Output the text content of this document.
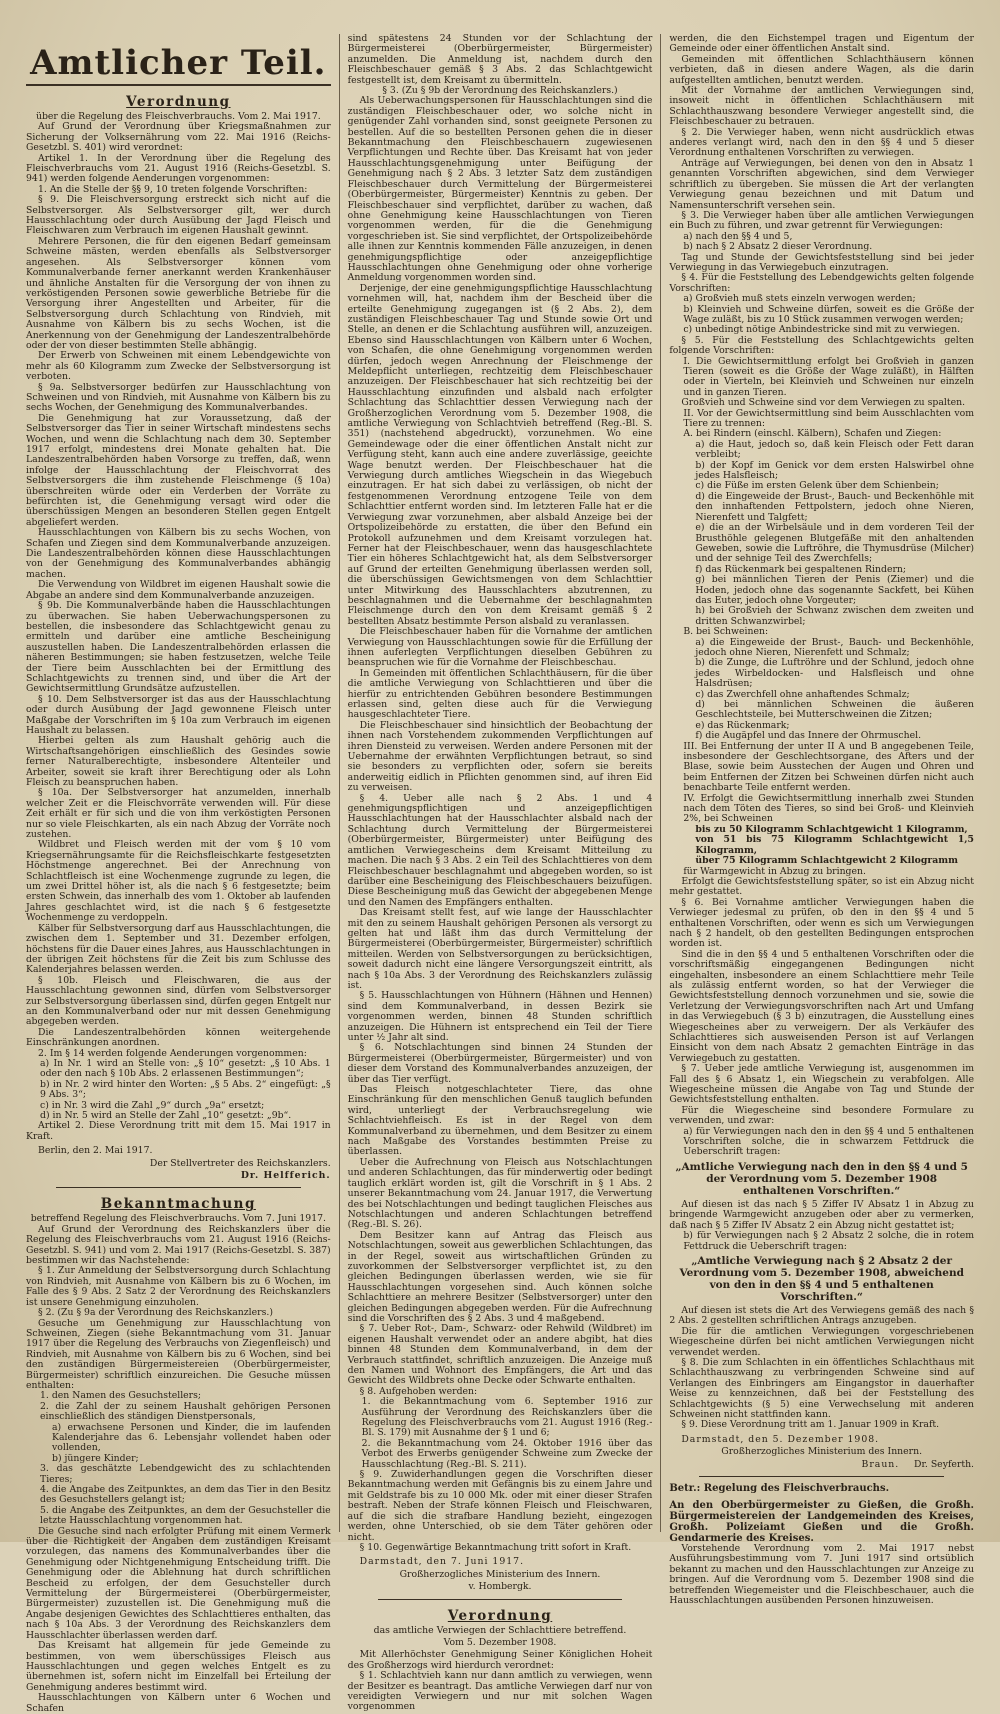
Amtlicher Teil.
Verordnung

über die Regelung des Fleischverbrauchs. Vom 2. Mai 1917.

Auf Grund der Verordnung über Kriegsmaßnahmen zur Sicherung der Volksernährung vom 22. Mai 1916 (Reichs-Gesetzbl. S. 401) wird verordnet:

Artikel 1. In der Verordnung über die Regelung des Fleischverbrauchs vom 21. August 1916 (Reichs-Gesetzbl. S. 941) werden folgende Aenderungen vorgenommen:

1. An die Stelle der §§ 9, 10 treten folgende Vorschriften:

§ 9. Die Fleischversorgung erstreckt sich nicht auf die Selbstversorger. Als Selbstversorger gilt, wer durch Hausschlachtung oder durch Ausübung der Jagd Fleisch und Fleischwaren zum Verbrauch im eigenen Haushalt gewinnt.

Mehrere Personen, die für den eigenen Bedarf gemeinsam Schweine mästen, werden ebenfalls als Selbstversorger angesehen. Als Selbstversorger können vom Kommunalverbande ferner anerkannt werden Krankenhäuser und ähnliche Anstalten für die Versorgung der von ihnen zu verköstigenden Personen sowie gewerbliche Betriebe für die Versorgung ihrer Angestellten und Arbeiter, für die Selbstversorgung durch Schlachtung von Rindvieh, mit Ausnahme von Kälbern bis zu sechs Wochen, ist die Anerkennung von der Genehmigung der Landeszentralbehörde oder der von dieser bestimmten Stelle abhängig.

Der Erwerb von Schweinen mit einem Lebendgewichte von mehr als 60 Kilogramm zum Zwecke der Selbstversorgung ist verboten.

§ 9a. Selbstversorger bedürfen zur Hausschlachtung von Schweinen und von Rindvieh, mit Ausnahme von Kälbern bis zu sechs Wochen, der Genehmigung des Kommunalverbandes.

Die Genehmigung hat zur Voraussetzung, daß der Selbstversorger das Tier in seiner Wirtschaft mindestens sechs Wochen, und wenn die Schlachtung nach dem 30. September 1917 erfolgt, mindestens drei Monate gehalten hat. Die Landeszentralbehörden haben Vorsorge zu treffen, daß, wenn infolge der Hausschlachtung der Fleischvorrat des Selbstversorgers die ihm zustehende Fleischmenge (§ 10a) überschreiten würde oder ein Verderben der Vorräte zu befürchten ist, die Genehmigung versagt wird oder die überschüssigen Mengen an besonderen Stellen gegen Entgelt abgeliefert werden.

Hausschlachtungen von Kälbern bis zu sechs Wochen, von Schafen und Ziegen sind dem Kommunalverbande anzuzeigen. Die Landeszentralbehörden können diese Hausschlachtungen von der Genehmigung des Kommunalverbandes abhängig machen.

Die Verwendung von Wildbret im eigenen Haushalt sowie die Abgabe an andere sind dem Kommunalverbande anzuzeigen.

§ 9b. Die Kommunalverbände haben die Hausschlachtungen zu überwachen. Sie haben Ueberwachungspersonen zu bestellen, die insbesondere das Schlachtgewicht genau zu ermitteln und darüber eine amtliche Bescheinigung auszustellen haben. Die Landeszentralbehörden erlassen die näheren Bestimmungen; sie haben festzusetzen, welche Teile der Tiere beim Ausschlachten bei der Ermittlung des Schlachtgewichts zu trennen sind, und über die Art der Gewichtsermittlung Grundsätze aufzustellen.

§ 10. Dem Selbstversorger ist das aus der Hausschlachtung oder durch Ausübung der Jagd gewonnene Fleisch unter Maßgabe der Vorschriften im § 10a zum Verbrauch im eigenen Haushalt zu belassen.

Hierbei gelten als zum Haushalt gehörig auch die Wirtschaftsangehörigen einschließlich des Gesindes sowie ferner Naturalberechtigte, insbesondere Altenteiler und Arbeiter, soweit sie kraft ihrer Berechtigung oder als Lohn Fleisch zu beanspruchen haben.

§ 10a. Der Selbstversorger hat anzumelden, innerhalb welcher Zeit er die Fleischvorräte verwenden will. Für diese Zeit erhält er für sich und die von ihm verköstigten Personen nur so viele Fleischkarten, als ein nach Abzug der Vorräte noch zustehen.

Wildbret und Fleisch werden mit der vom § 10 vom Kriegsernährungsamte für die Reichsfleischkarte festgesetzten Höchstmenge angerechnet. Bei der Anrechnung von Schlachtfleisch ist eine Wochenmenge zugrunde zu legen, die um zwei Drittel höher ist, als die nach § 6 festgesetzte; beim ersten Schwein, das innerhalb des vom 1. Oktober ab laufenden Jahres geschlachtet wird, ist die nach § 6 festgesetzte Wochenmenge zu verdoppeln.

Kälber für Selbstversorgung darf aus Hausschlachtungen, die zwischen dem 1. September und 31. Dezember erfolgen, höchstens für die Dauer eines Jahres, aus Hausschlachtungen in der übrigen Zeit höchstens für die Zeit bis zum Schlusse des Kalenderjahres belassen werden.

§ 10b. Fleisch und Fleischwaren, die aus der Hausschlachtung gewonnen sind, dürfen vom Selbstversorger zur Selbstversorgung überlassen sind, dürfen gegen Entgelt nur an den Kommunalverband oder nur mit dessen Genehmigung abgegeben werden.

Die Landeszentralbehörden können weitergehende Einschränkungen anordnen.

2. Im § 14 werden folgende Aenderungen vorgenommen:

a) In Nr. 1 wird an Stelle von: „§ 10“ gesetzt: „§ 10 Abs. 1 oder den nach § 10b Abs. 2 erlassenen Bestimmungen“;

b) in Nr. 2 wird hinter den Worten: „§ 5 Abs. 2“ eingefügt: „§ 9 Abs. 3“;

c) in Nr. 3 wird die Zahl „9“ durch „9a“ ersetzt;

d) in Nr. 5 wird an Stelle der Zahl „10“ gesetzt: „9b“.

Artikel 2. Diese Verordnung tritt mit dem 15. Mai 1917 in Kraft.

Berlin, den 2. Mai 1917.

Der Stellvertreter des Reichskanzlers.
Dr. Helfferich.
Bekanntmachung

betreffend Regelung des Fleischverbrauchs. Vom 7. Juni 1917.

Auf Grund der Verordnung des Reichskanzlers über die Regelung des Fleischverbrauchs vom 21. August 1916 (Reichs-Gesetzbl. S. 941) und vom 2. Mai 1917 (Reichs-Gesetzbl. S. 387) bestimmen wir das Nachstehende:

§ 1. Zur Anmeldung der Selbstversorgung durch Schlachtung von Rindvieh, mit Ausnahme von Kälbern bis zu 6 Wochen, im Falle des § 9 Abs. 2 Satz 2 der Verordnung des Reichskanzlers ist unsere Genehmigung einzuholen.

§ 2. (Zu § 9a der Verordnung des Reichskanzlers.)

Gesuche um Genehmigung zur Hausschlachtung von Schweinen, Ziegen (siehe Bekanntmachung vom 31. Januar 1917 über die Regelung des Verbrauchs von Ziegenfleisch) und Rindvieh, mit Ausnahme von Kälbern bis zu 6 Wochen, sind bei den zuständigen Bürgermeistereien (Oberbürgermeister, Bürgermeister) schriftlich einzureichen. Die Gesuche müssen enthalten:

1. den Namen des Gesuchstellers;

2. die Zahl der zu seinem Haushalt gehörigen Personen einschließlich des ständigen Dienstpersonals,

a) erwachsene Personen und Kinder, die im laufenden Kalenderjahre das 6. Lebensjahr vollendet haben oder vollenden,

b) jüngere Kinder;

3. das geschätzte Lebendgewicht des zu schlachtenden Tieres;

4. die Angabe des Zeitpunktes, an dem das Tier in den Besitz des Gesuchstellers gelangt ist;

5. die Angabe des Zeitpunktes, an dem der Gesuchsteller die letzte Hausschlachtung vorgenommen hat.

Die Gesuche sind nach erfolgter Prüfung mit einem Vermerk über die Richtigkeit der Angaben dem zuständigen Kreisamt vorzulegen, das namens des Kommunalverbandes über die Genehmigung oder Nichtgenehmigung Entscheidung trifft. Die Genehmigung oder die Ablehnung hat durch schriftlichen Bescheid zu erfolgen, der dem Gesuchsteller durch Vermittelung der Bürgermeisterei (Oberbürgermeister, Bürgermeister) zuzustellen ist. Die Genehmigung muß die Angabe desjenigen Gewichtes des Schlachttieres enthalten, das nach § 10a Abs. 3 der Verordnung des Reichskanzlers dem Hausschlachter überlassen werden darf.

Das Kreisamt hat allgemein für jede Gemeinde zu bestimmen, von wem überschüssiges Fleisch aus Hausschlachtungen und gegen welches Entgelt es zu übernehmen ist, sofern nicht im Einzelfall bei Erteilung der Genehmigung anderes bestimmt wird.

Hausschlachtungen von Kälbern unter 6 Wochen und Schafen

sind spätestens 24 Stunden vor der Schlachtung der Bürgermeisterei (Oberbürgermeister, Bürgermeister) anzumelden. Die Anmeldung ist, nachdem durch den Fleischbeschauer gemäß § 3 Abs. 2 das Schlachtgewicht festgestellt ist, dem Kreisamt zu übermitteln.

§ 3. (Zu § 9b der Verordnung des Reichskanzlers.)

Als Ueberwachungspersonen für Hausschlachtungen sind die zuständigen Fleischbeschauer oder, wo solche nicht in genügender Zahl vorhanden sind, sonst geeignete Personen zu bestellen. Auf die so bestellten Personen gehen die in dieser Bekanntmachung den Fleischbeschauern zugewiesenen Verpflichtungen und Rechte über. Das Kreisamt hat von jeder Hausschlachtungsgenehmigung unter Beifügung der Genehmigung nach § 2 Abs. 3 letzter Satz dem zuständigen Fleischbeschauer durch Vermittelung der Bürgermeisterei (Oberbürgermeister, Bürgermeister) Kenntnis zu geben. Der Fleischbeschauer sind verpflichtet, darüber zu wachen, daß ohne Genehmigung keine Hausschlachtungen von Tieren vorgenommen werden, für die die Genehmigung vorgeschrieben ist. Sie sind verpflichtet, der Ortspolizeibehörde alle ihnen zur Kenntnis kommenden Fälle anzuzeigen, in denen genehmigungspflichtige oder anzeigepflichtige Hausschlachtungen ohne Genehmigung oder ohne vorherige Anmeldung vorgenommen worden sind.

Derjenige, der eine genehmigungspflichtige Hausschlachtung vornehmen will, hat, nachdem ihm der Bescheid über die erteilte Genehmigung zugegangen ist (§ 2 Abs. 2), dem zuständigen Fleischbeschauer Tag und Stunde sowie Ort und Stelle, an denen er die Schlachtung ausführen will, anzuzeigen. Ebenso sind Hausschlachtungen von Kälbern unter 6 Wochen, von Schafen, die ohne Genehmigung vorgenommen werden dürfen, jedoch wegen Anrechnung der Fleischmenge der Meldepflicht unterliegen, rechtzeitig dem Fleischbeschauer anzuzeigen. Der Fleischbeschauer hat sich rechtzeitig bei der Hausschlachtung einzufinden und alsbald nach erfolgter Schlachtung das Schlachttier dessen Verwiegung nach der Großherzoglichen Verordnung vom 5. Dezember 1908, die amtliche Verwiegung von Schlachtvieh betreffend (Reg.-Bl. S. 351) (nachstehend abgedruckt), vorzunehmen. Wo eine Gemeindewage oder die einer öffentlichen Anstalt nicht zur Verfügung steht, kann auch eine andere zuverlässige, geeichte Wage benutzt werden. Der Fleischbeschauer hat die Verwiegung durch amtliches Wiegschein in das Wiegebuch einzutragen. Er hat sich dabei zu verlässigen, ob nicht der festgenommenen Verordnung entzogene Teile von dem Schlachttier entfernt worden sind. Im letzteren Falle hat er die Verwiegung zwar vorzunehmen, aber alsbald Anzeige bei der Ortspolizeibehörde zu erstatten, die über den Befund ein Protokoll aufzunehmen und dem Kreisamt vorzulegen hat. Ferner hat der Fleischbeschauer, wenn das hausgeschlachtete Tier ein höheres Schlachtgewicht hat, als dem Selbstversorger auf Grund der erteilten Genehmigung überlassen werden soll, die überschüssigen Gewichtsmengen von dem Schlachttier unter Mitwirkung des Hausschlachters abzutrennen, zu beschlagnahmen und die Uebernahme der beschlagnahmten Fleischmenge durch den von dem Kreisamt gemäß § 2 bestellten Absatz bestimmte Person alsbald zu veranlassen.

Die Fleischbeschauer haben für die Vornahme der amtlichen Verwiegung von Hausschlachtungen sowie für die Erfüllung der ihnen auferlegten Verpflichtungen dieselben Gebühren zu beanspruchen wie für die Vornahme der Fleischbeschau.

In Gemeinden mit öffentlichen Schlachthäusern, für die über die amtliche Verwiegung von Schlachttieren und über die hierfür zu entrichtenden Gebühren besondere Bestimmungen erlassen sind, gelten diese auch für die Verwiegung hausgeschlachteter Tiere.

Die Fleischbeschauer sind hinsichtlich der Beobachtung der ihnen nach Vorstehendem zukommenden Verpflichtungen auf ihren Diensteid zu verweisen. Werden andere Personen mit der Uebernahme der erwähnten Verpflichtungen betraut, so sind sie besonders zu verpflichten oder, sofern sie bereits anderweitig eidlich in Pflichten genommen sind, auf ihren Eid zu verweisen.

§ 4. Ueber alle nach § 2 Abs. 1 und 4 genehmigungspflichtigen und anzeigepflichtigen Hausschlachtungen hat der Hausschlachter alsbald nach der Schlachtung durch Vermittelung der Bürgermeisterei (Oberbürgermeister, Bürgermeister) unter Beifügung des amtlichen Verwiegescheins dem Kreisamt Mitteilung zu machen. Die nach § 3 Abs. 2 ein Teil des Schlachttieres von dem Fleischbeschauer beschlagnahmt und abgegeben worden, so ist darüber eine Bescheinigung des Fleischbeschauers beizufügen. Diese Bescheinigung muß das Gewicht der abgegebenen Menge und den Namen des Empfängers enthalten.

Das Kreisamt stellt fest, auf wie lange der Hausschlachter mit den zu seinem Haushalt gehörigen Personen als versorgt zu gelten hat und läßt ihm das durch Vermittelung der Bürgermeisterei (Oberbürgermeister, Bürgermeister) schriftlich mitteilen. Werden von Selbstversorgungen zu berücksichtigen, soweit dadurch nicht eine längere Versorgungszeit eintritt, als nach § 10a Abs. 3 der Verordnung des Reichskanzlers zulässig ist.

§ 5. Hausschlachtungen von Hühnern (Hähnen und Hennen) sind dem Kommunalverband, in dessen Bezirk sie vorgenommen werden, binnen 48 Stunden schriftlich anzuzeigen. Die Hühnern ist entsprechend ein Teil der Tiere unter ½ Jahr alt sind.

§ 6. Notschlachtungen sind binnen 24 Stunden der Bürgermeisterei (Oberbürgermeister, Bürgermeister) und von dieser dem Vorstand des Kommunalverbandes anzuzeigen, der über das Tier verfügt.

Das Fleisch notgeschlachteter Tiere, das ohne Einschränkung für den menschlichen Genuß tauglich befunden wird, unterliegt der Verbrauchsregelung wie Schlachtviehfleisch. Es ist in der Regel von dem Kommunalverband zu übernehmen, und dem Besitzer zu einem nach Maßgabe des Vorstandes bestimmten Preise zu überlassen.

Ueber die Aufrechnung von Fleisch aus Notschlachtungen und anderen Schlachtungen, das für minderwertig oder bedingt tauglich erklärt worden ist, gilt die Vorschrift in § 1 Abs. 2 unserer Bekanntmachung vom 24. Januar 1917, die Verwertung des bei Notschlachtungen und bedingt tauglichen Fleisches aus Notschlachtungen und anderen Schlachtungen betreffend (Reg.-Bl. S. 26).

Dem Besitzer kann auf Antrag das Fleisch aus Notschlachtungen, soweit aus gewerblichen Schlachtungen, das in der Regel, soweit aus wirtschaftlichen Gründen zu zuvorkommen der Selbstversorger verpflichtet ist, zu den gleichen Bedingungen überlassen werden, wie sie für Hausschlachtungen vorgesehen sind. Auch können solche Schlachttiere an mehrere Besitzer (Selbstversorger) unter den gleichen Bedingungen abgegeben werden. Für die Aufrechnung sind die Vorschriften des § 2 Abs. 3 und 4 maßgebend.

§ 7. Ueber Rot-, Dam-, Schwarz- oder Rehwild (Wildbret) im eigenen Haushalt verwendet oder an andere abgibt, hat dies binnen 48 Stunden dem Kommunalverband, in dem der Verbrauch stattfindet, schriftlich anzuzeigen. Die Anzeige muß den Namen und Wohnort des Empfängers, die Art und das Gewicht des Wildbrets ohne Decke oder Schwarte enthalten.

§ 8. Aufgehoben werden:

1. die Bekanntmachung vom 6. September 1916 zur Ausführung der Verordnung des Reichskanzlers über die Regelung des Fleischverbrauchs vom 21. August 1916 (Reg.-Bl. S. 179) mit Ausnahme der § 1 und 6;

2. die Bekanntmachung vom 24. Oktober 1916 über das Verbot des Erwerbs genügender Schweine zum Zwecke der Hausschlachtung (Reg.-Bl. S. 211).

§ 9. Zuwiderhandlungen gegen die Vorschriften dieser Bekanntmachung werden mit Gefängnis bis zu einem Jahre und mit Geldstrafe bis zu 10 000 Mk. oder mit einer dieser Strafen bestraft. Neben der Strafe können Fleisch und Fleischwaren, auf die sich die strafbare Handlung bezieht, eingezogen werden, ohne Unterschied, ob sie dem Täter gehören oder nicht.

§ 10. Gegenwärtige Bekanntmachung tritt sofort in Kraft.

Darmstadt, den 7. Juni 1917.

Großherzogliches Ministerium des Innern.
v. Hombergk.
Verordnung
das amtliche Verwiegen der Schlachttiere betreffend.
Vom 5. Dezember 1908.

Mit Allerhöchster Genehmigung Seiner Königlichen Hoheit des Großherzogs wird hierdurch verordnet:

§ 1. Schlachtvieh kann nur dann amtlich zu verwiegen, wenn der Besitzer es beantragt. Das amtliche Verwiegen darf nur von vereidigten Verwiegern und nur mit solchen Wagen vorgenommen

werden, die den Eichstempel tragen und Eigentum der Gemeinde oder einer öffentlichen Anstalt sind.

Gemeinden mit öffentlichen Schlachthäusern können verbieten, daß in diesen andere Wagen, als die darin aufgestellten amtlichen, benutzt werden.

Mit der Vornahme der amtlichen Verwiegungen sind, insoweit nicht in öffentlichen Schlachthäusern mit Schlachthauszwang besondere Verwieger angestellt sind, die Fleischbeschauer zu betrauen.

§ 2. Die Verwieger haben, wenn nicht ausdrücklich etwas anderes verlangt wird, nach den in den §§ 4 und 5 dieser Verordnung enthaltenen Vorschriften zu verwiegen.

Anträge auf Verwiegungen, bei denen von den in Absatz 1 genannten Vorschriften abgewichen, sind dem Verwieger schriftlich zu übergeben. Sie müssen die Art der verlangten Verwiegung genau bezeichnen und mit Datum und Namensunterschrift versehen sein.

§ 3. Die Verwieger haben über alle amtlichen Verwiegungen ein Buch zu führen, und zwar getrennt für Verwiegungen:

a) nach den §§ 4 und 5,

b) nach § 2 Absatz 2 dieser Verordnung.

Tag und Stunde der Gewichtsfeststellung sind bei jeder Verwiegung in das Verwiegebuch einzutragen.

§ 4. Für die Feststellung des Lebendgewichts gelten folgende Vorschriften:

a) Großvieh muß stets einzeln verwogen werden;

b) Kleinvieh und Schweine dürfen, soweit es die Größe der Wage zuläßt, bis zu 10 Stück zusammen verwogen werden;

c) unbedingt nötige Anbindestricke sind mit zu verwiegen.

§ 5. Für die Feststellung des Schlachtgewichts gelten folgende Vorschriften:

I. Die Gewichtsermittlung erfolgt bei Großvieh in ganzen Tieren (soweit es die Größe der Wage zuläßt), in Hälften oder in Vierteln, bei Kleinvieh und Schweinen nur einzeln und in ganzen Tieren.

Großvieh und Schweine sind vor dem Verwiegen zu spalten.

II. Vor der Gewichtsermittlung sind beim Ausschlachten vom Tiere zu trennen:

A. bei Rindern (einschl. Kälbern), Schafen und Ziegen:

a) die Haut, jedoch so, daß kein Fleisch oder Fett daran verbleibt;

b) der Kopf im Genick vor dem ersten Halswirbel ohne jedes Halsfleisch;

c) die Füße im ersten Gelenk über dem Schienbein;

d) die Eingeweide der Brust-, Bauch- und Beckenhöhle mit den innhaftenden Fettpolstern, jedoch ohne Nieren, Nierenfett und Talgfett;

e) die an der Wirbelsäule und in dem vorderen Teil der Brusthöhle gelegenen Blutgefäße mit den anhaltenden Geweben, sowie die Luftröhre, die Thymusdrüse (Milcher) und der sehnige Teil des Zwerchfells;

f) das Rückenmark bei gespaltenen Rindern;

g) bei männlichen Tieren der Penis (Ziemer) und die Hoden, jedoch ohne das sogenannte Sackfett, bei Kühen das Euter, jedoch ohne Vorgeuter;

h) bei Großvieh der Schwanz zwischen dem zweiten und dritten Schwanzwirbel;

B. bei Schweinen:

a) die Eingeweide der Brust-, Bauch- und Beckenhöhle, jedoch ohne Nieren, Nierenfett und Schmalz;

b) die Zunge, die Luftröhre und der Schlund, jedoch ohne jedes Wirbeldocken- und Halsfleisch und ohne Halsdrüsen;

c) das Zwerchfell ohne anhaftendes Schmalz;

d) bei männlichen Schweinen die äußeren Geschlechtsteile, bei Mutterschweinen die Zitzen;

e) das Rückenmark;

f) die Augäpfel und das Innere der Ohrmuschel.

III. Bei Entfernung der unter II A und B angegebenen Teile, insbesondere der Geschlechtsorgane, des Afters und der Blase, sowie beim Ausstechen der Augen und Ohren und beim Entfernen der Zitzen bei Schweinen dürfen nicht auch benachbarte Teile entfernt werden.

IV. Erfolgt die Gewichtsermittlung innerhalb zwei Stunden nach dem Töten des Tieres, so sind bei Groß- und Kleinvieh 2%, bei Schweinen

bis zu 50 Kilogramm Schlachtgewicht 1 Kilogramm,

von 51 bis 75 Kilogramm Schlachtgewicht 1,5 Kilogramm,

über 75 Kilogramm Schlachtgewicht 2 Kilogramm

für Warmgewicht in Abzug zu bringen.

Erfolgt die Gewichtsfeststellung später, so ist ein Abzug nicht mehr gestattet.

§ 6. Bei Vornahme amtlicher Verwiegungen haben die Verwieger jedesmal zu prüfen, ob den in den §§ 4 und 5 enthaltenen Vorschriften, oder wenn es sich um Verwiegungen nach § 2 handelt, ob den gestellten Bedingungen entsprochen worden ist.

Sind die in den §§ 4 und 5 enthaltenen Vorschriften oder die vorschriftsmäßig eingegangenen Bedingungen nicht eingehalten, insbesondere an einem Schlachttiere mehr Teile als zulässig entfernt worden, so hat der Verwieger die Gewichtsfeststellung dennoch vorzunehmen und sie, sowie die Verletzung der Verwiegungsvorschriften nach Art und Umfang in das Verwiegebuch (§ 3 b) einzutragen, die Ausstellung eines Wiegescheines aber zu verweigern. Der als Verkäufer des Schlachttieres sich ausweisenden Person ist auf Verlangen Einsicht von dem nach Absatz 2 gemachten Einträge in das Verwiegebuch zu gestatten.

§ 7. Ueber jede amtliche Verwiegung ist, ausgenommen im Fall des § 6 Absatz 1, ein Wiegschein zu verabfolgen. Alle Wiegescheine müssen die Angabe von Tag und Stunde der Gewichtsfeststellung enthalten.

Für die Wiegescheine sind besondere Formulare zu verwenden, und zwar:

a) für Verwiegungen nach den in den §§ 4 und 5 enthaltenen Vorschriften solche, die in schwarzem Fettdruck die Ueberschrift tragen:

„Amtliche Verwiegung nach den in den §§ 4 und 5 der Verordnung vom 5. Dezember 1908 enthaltenen Vorschriften.“

Auf diesen ist das nach § 5 Ziffer IV Absatz 1 in Abzug zu bringende Warmgewicht anzugeben oder aber zu vermerken, daß nach § 5 Ziffer IV Absatz 2 ein Abzug nicht gestattet ist;

b) für Verwiegungen nach § 2 Absatz 2 solche, die in rotem Fettdruck die Ueberschrift tragen:

„Amtliche Verwiegung nach § 2 Absatz 2 der Verordnung vom 5. Dezember 1908, abweichend von den in den §§ 4 und 5 enthaltenen Vorschriften.“

Auf diesen ist stets die Art des Verwiegens gemäß des nach § 2 Abs. 2 gestellten schriftlichen Antrags anzugeben.

Die für die amtlichen Verwiegungen vorgeschriebenen Wiegescheine dürfen bei nicht amtlichen Verwiegungen nicht verwendet werden.

§ 8. Die zum Schlachten in ein öffentliches Schlachthaus mit Schlachthauszwang zu verbringenden Schweine sind auf Verlangen des Einbringers am Eingangstor in dauerhafter Weise zu kennzeichnen, daß bei der Feststellung des Schlachtgewichts (§ 5) eine Verwechselung mit anderen Schweinen nicht stattfinden kann.

§ 9. Diese Verordnung tritt am 1. Januar 1909 in Kraft.

Darmstadt, den 5. Dezember 1908.

Großherzogliches Ministerium des Innern.
Braun. Dr. Seyferth.

Betr.: Regelung des Fleischverbrauchs.

An den Oberbürgermeister zu Gießen, die Großh. Bürgermeistereien der Landgemeinden des Kreises, Großh. Polizeiamt Gießen und die Großh. Gendarmerie des Kreises.

Vorstehende Verordnung vom 2. Mai 1917 nebst Ausführungsbestimmung vom 7. Juni 1917 sind ortsüblich bekannt zu machen und den Hausschlachtungen zur Anzeige zu bringen. Auf die Verordnung vom 5. Dezember 1908 sind die betreffenden Wiegemeister und die Fleischbeschauer, auch die Hausschlachtungen ausübenden Personen hinzuweisen.
